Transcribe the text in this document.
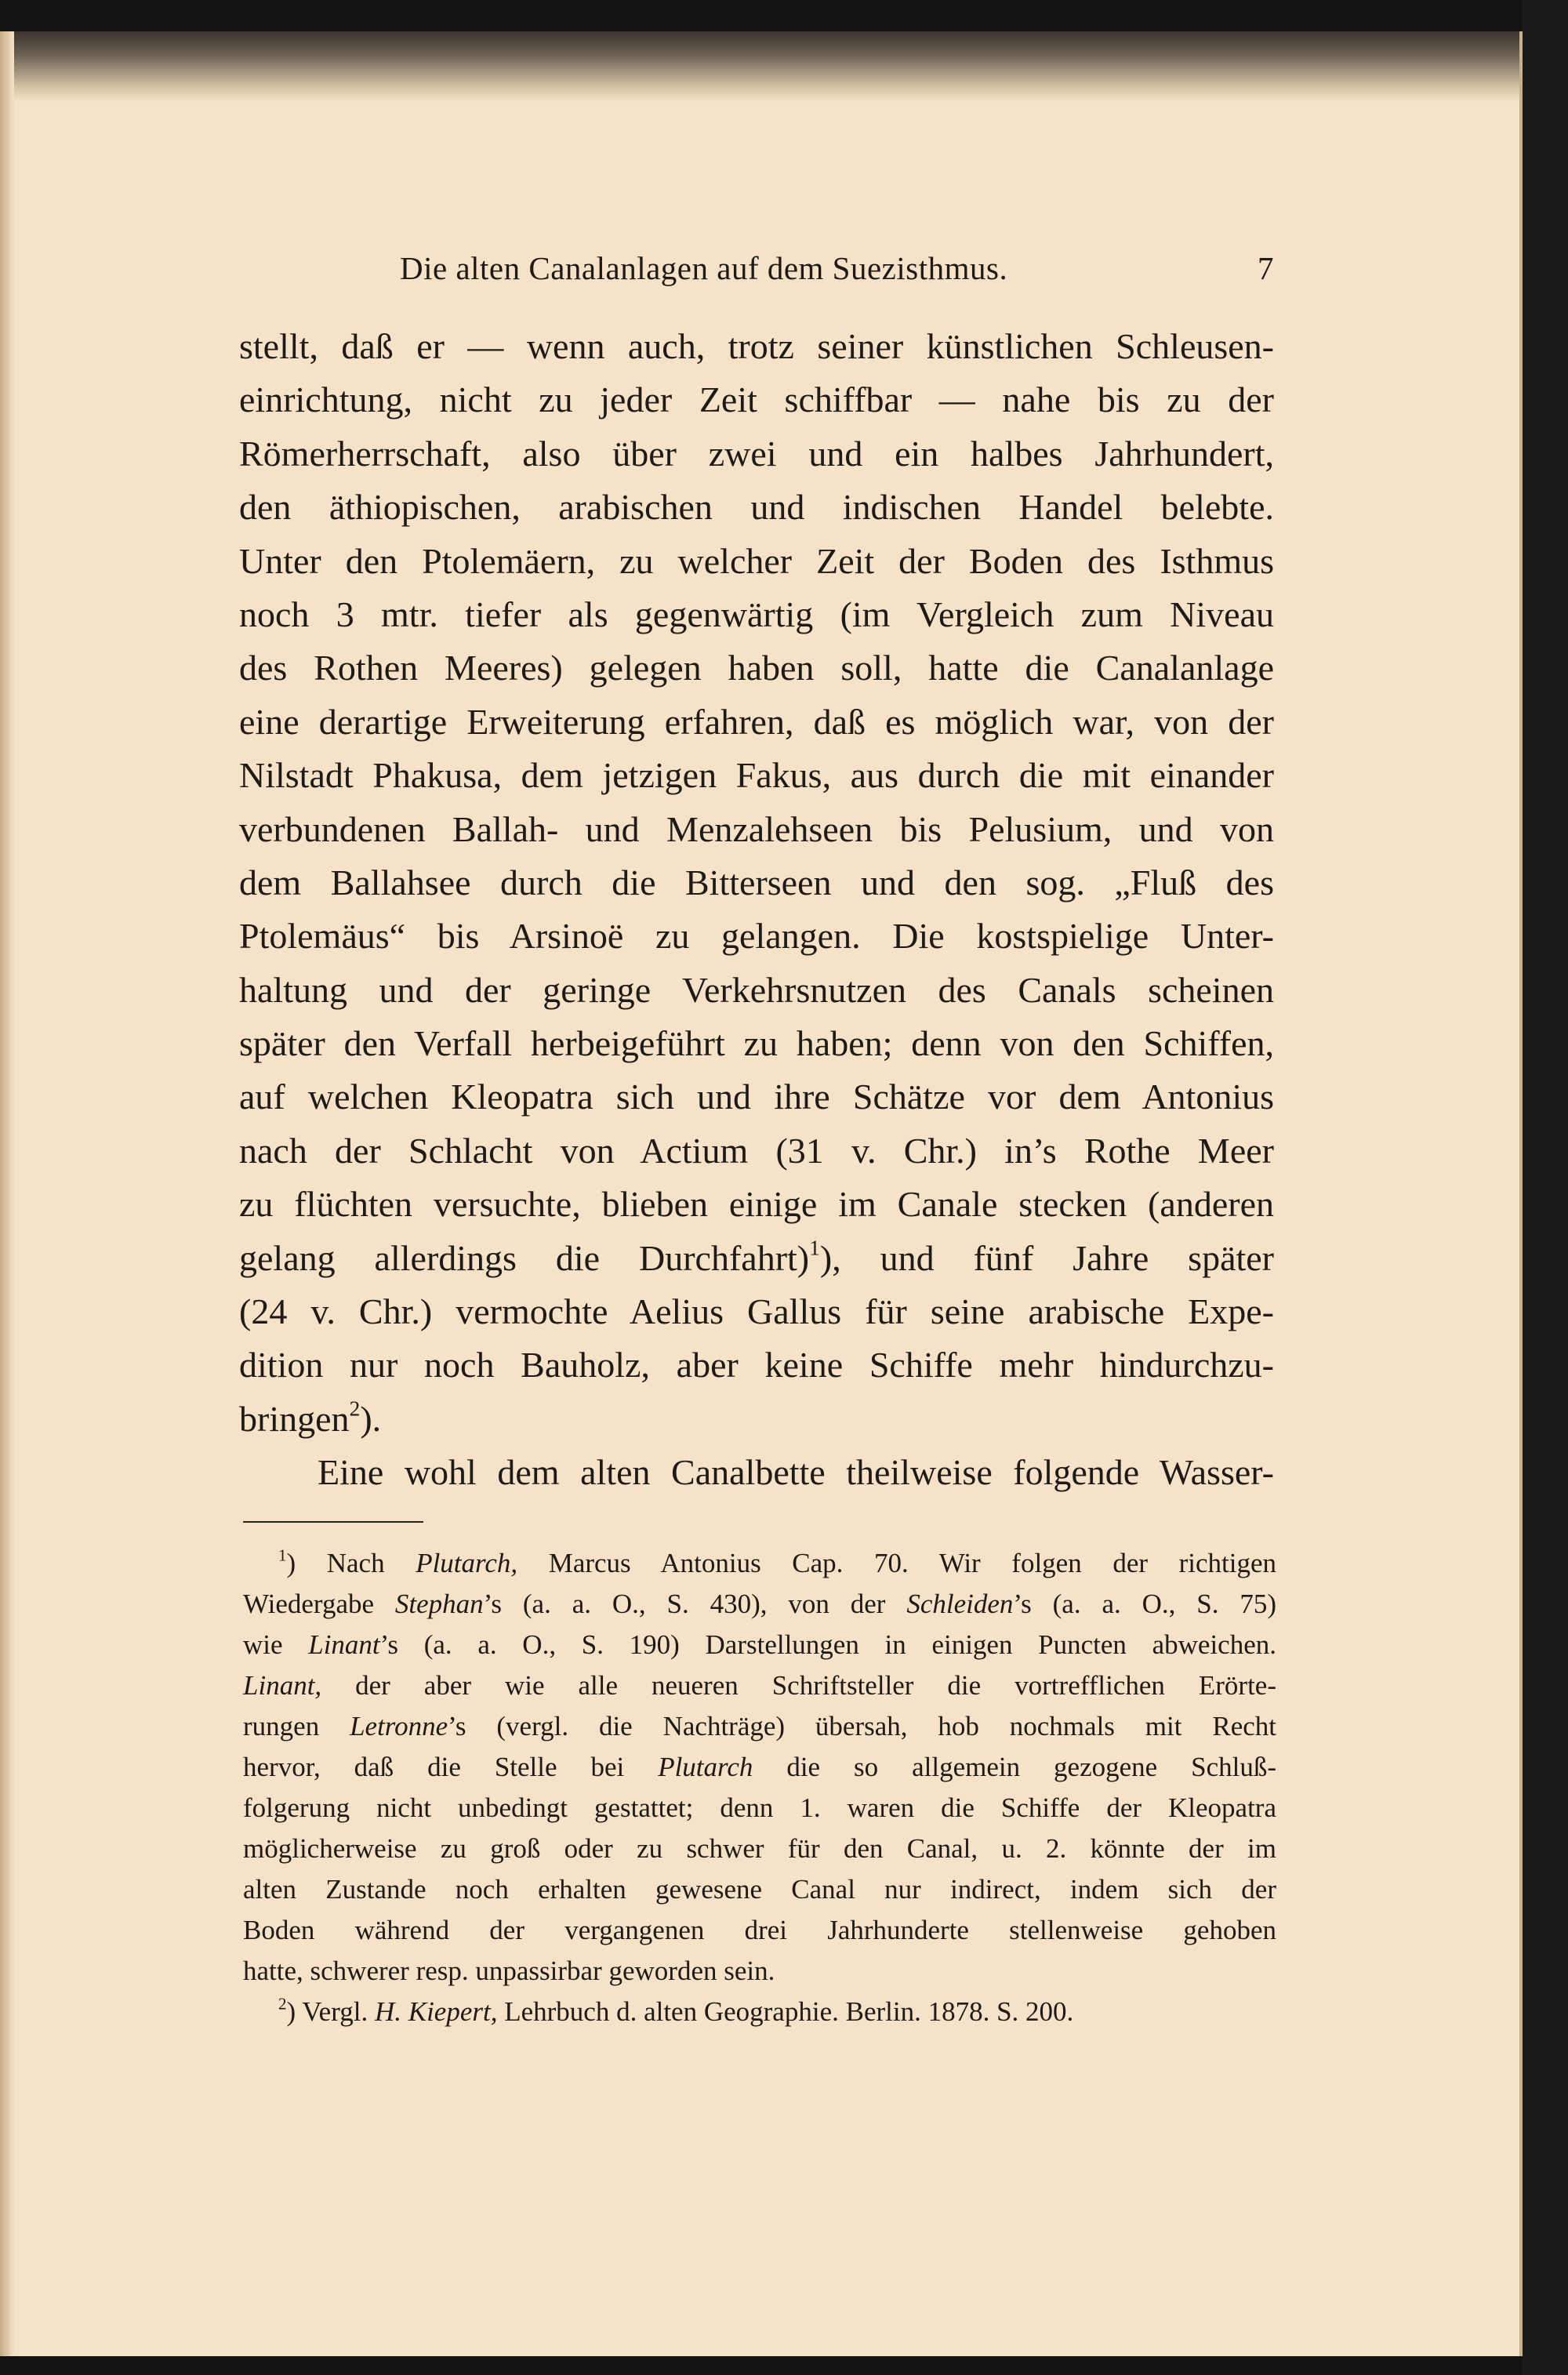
Die alten Canalanlagen auf dem Suezisthmus.	7
stellt, daß er — wenn auch, trotz seiner künstlichen Schleusen-
einrichtung, nicht zu jeder Zeit schiffbar — nahe bis zu der
Römerherrschaft, also über zwei und ein halbes Jahrhundert,
den äthiopischen, arabischen und indischen Handel belebte.
Unter den Ptolemäern, zu welcher Zeit der Boden des Isthmus
noch 3 mtr. tiefer als gegenwärtig (im Vergleich zum Niveau
des Rothen Meeres) gelegen haben soll, hatte die Canalanlage
eine derartige Erweiterung erfahren, daß es möglich war, von der
Nilstadt Phakusa, dem jetzigen Fakus, aus durch die mit einander
verbundenen Ballah- und Menzalehseen bis Pelusium, und von
dem Ballahsee durch die Bitterseen und den sog. „Fluß des
Ptolemäus“ bis Arsinoë zu gelangen. Die kostspielige Unter-
haltung und der geringe Verkehrsnutzen des Canals scheinen
später den Verfall herbeigeführt zu haben; denn von den Schiffen,
auf welchen Kleopatra sich und ihre Schätze vor dem Antonius
nach der Schlacht von Actium (31 v. Chr.) in’s Rothe Meer
zu flüchten versuchte, blieben einige im Canale stecken (anderen
gelang allerdings die Durchfahrt)$^1$), und fünf Jahre später
(24 v. Chr.) vermochte Aelius Gallus für seine arabische Expe-
dition nur noch Bauholz, aber keine Schiffe mehr hindurchzu-
bringen$^2$).
Eine wohl dem alten Canalbette theilweise folgende Wasser-
$^1$) Nach Plutarch, Marcus Antonius Cap. 70. Wir folgen der richtigen
Wiedergabe Stephan’s (a. a. O., S. 430), von der Schleiden’s (a. a. O., S. 75)
wie Linant’s (a. a. O., S. 190) Darstellungen in einigen Puncten abweichen.
Linant, der aber wie alle neueren Schriftsteller die vortrefflichen Erörte-
rungen Letronne’s (vergl. die Nachträge) übersah, hob nochmals mit Recht
hervor, daß die Stelle bei Plutarch die so allgemein gezogene Schluß-
folgerung nicht unbedingt gestattet; denn 1. waren die Schiffe der Kleopatra
möglicherweise zu groß oder zu schwer für den Canal, u. 2. könnte der im
alten Zustande noch erhalten gewesene Canal nur indirect, indem sich der
Boden während der vergangenen drei Jahrhunderte stellenweise gehoben
hatte, schwerer resp. unpassirbar geworden sein.
$^2$) Vergl. H. Kiepert, Lehrbuch d. alten Geographie. Berlin. 1878. S. 200.
